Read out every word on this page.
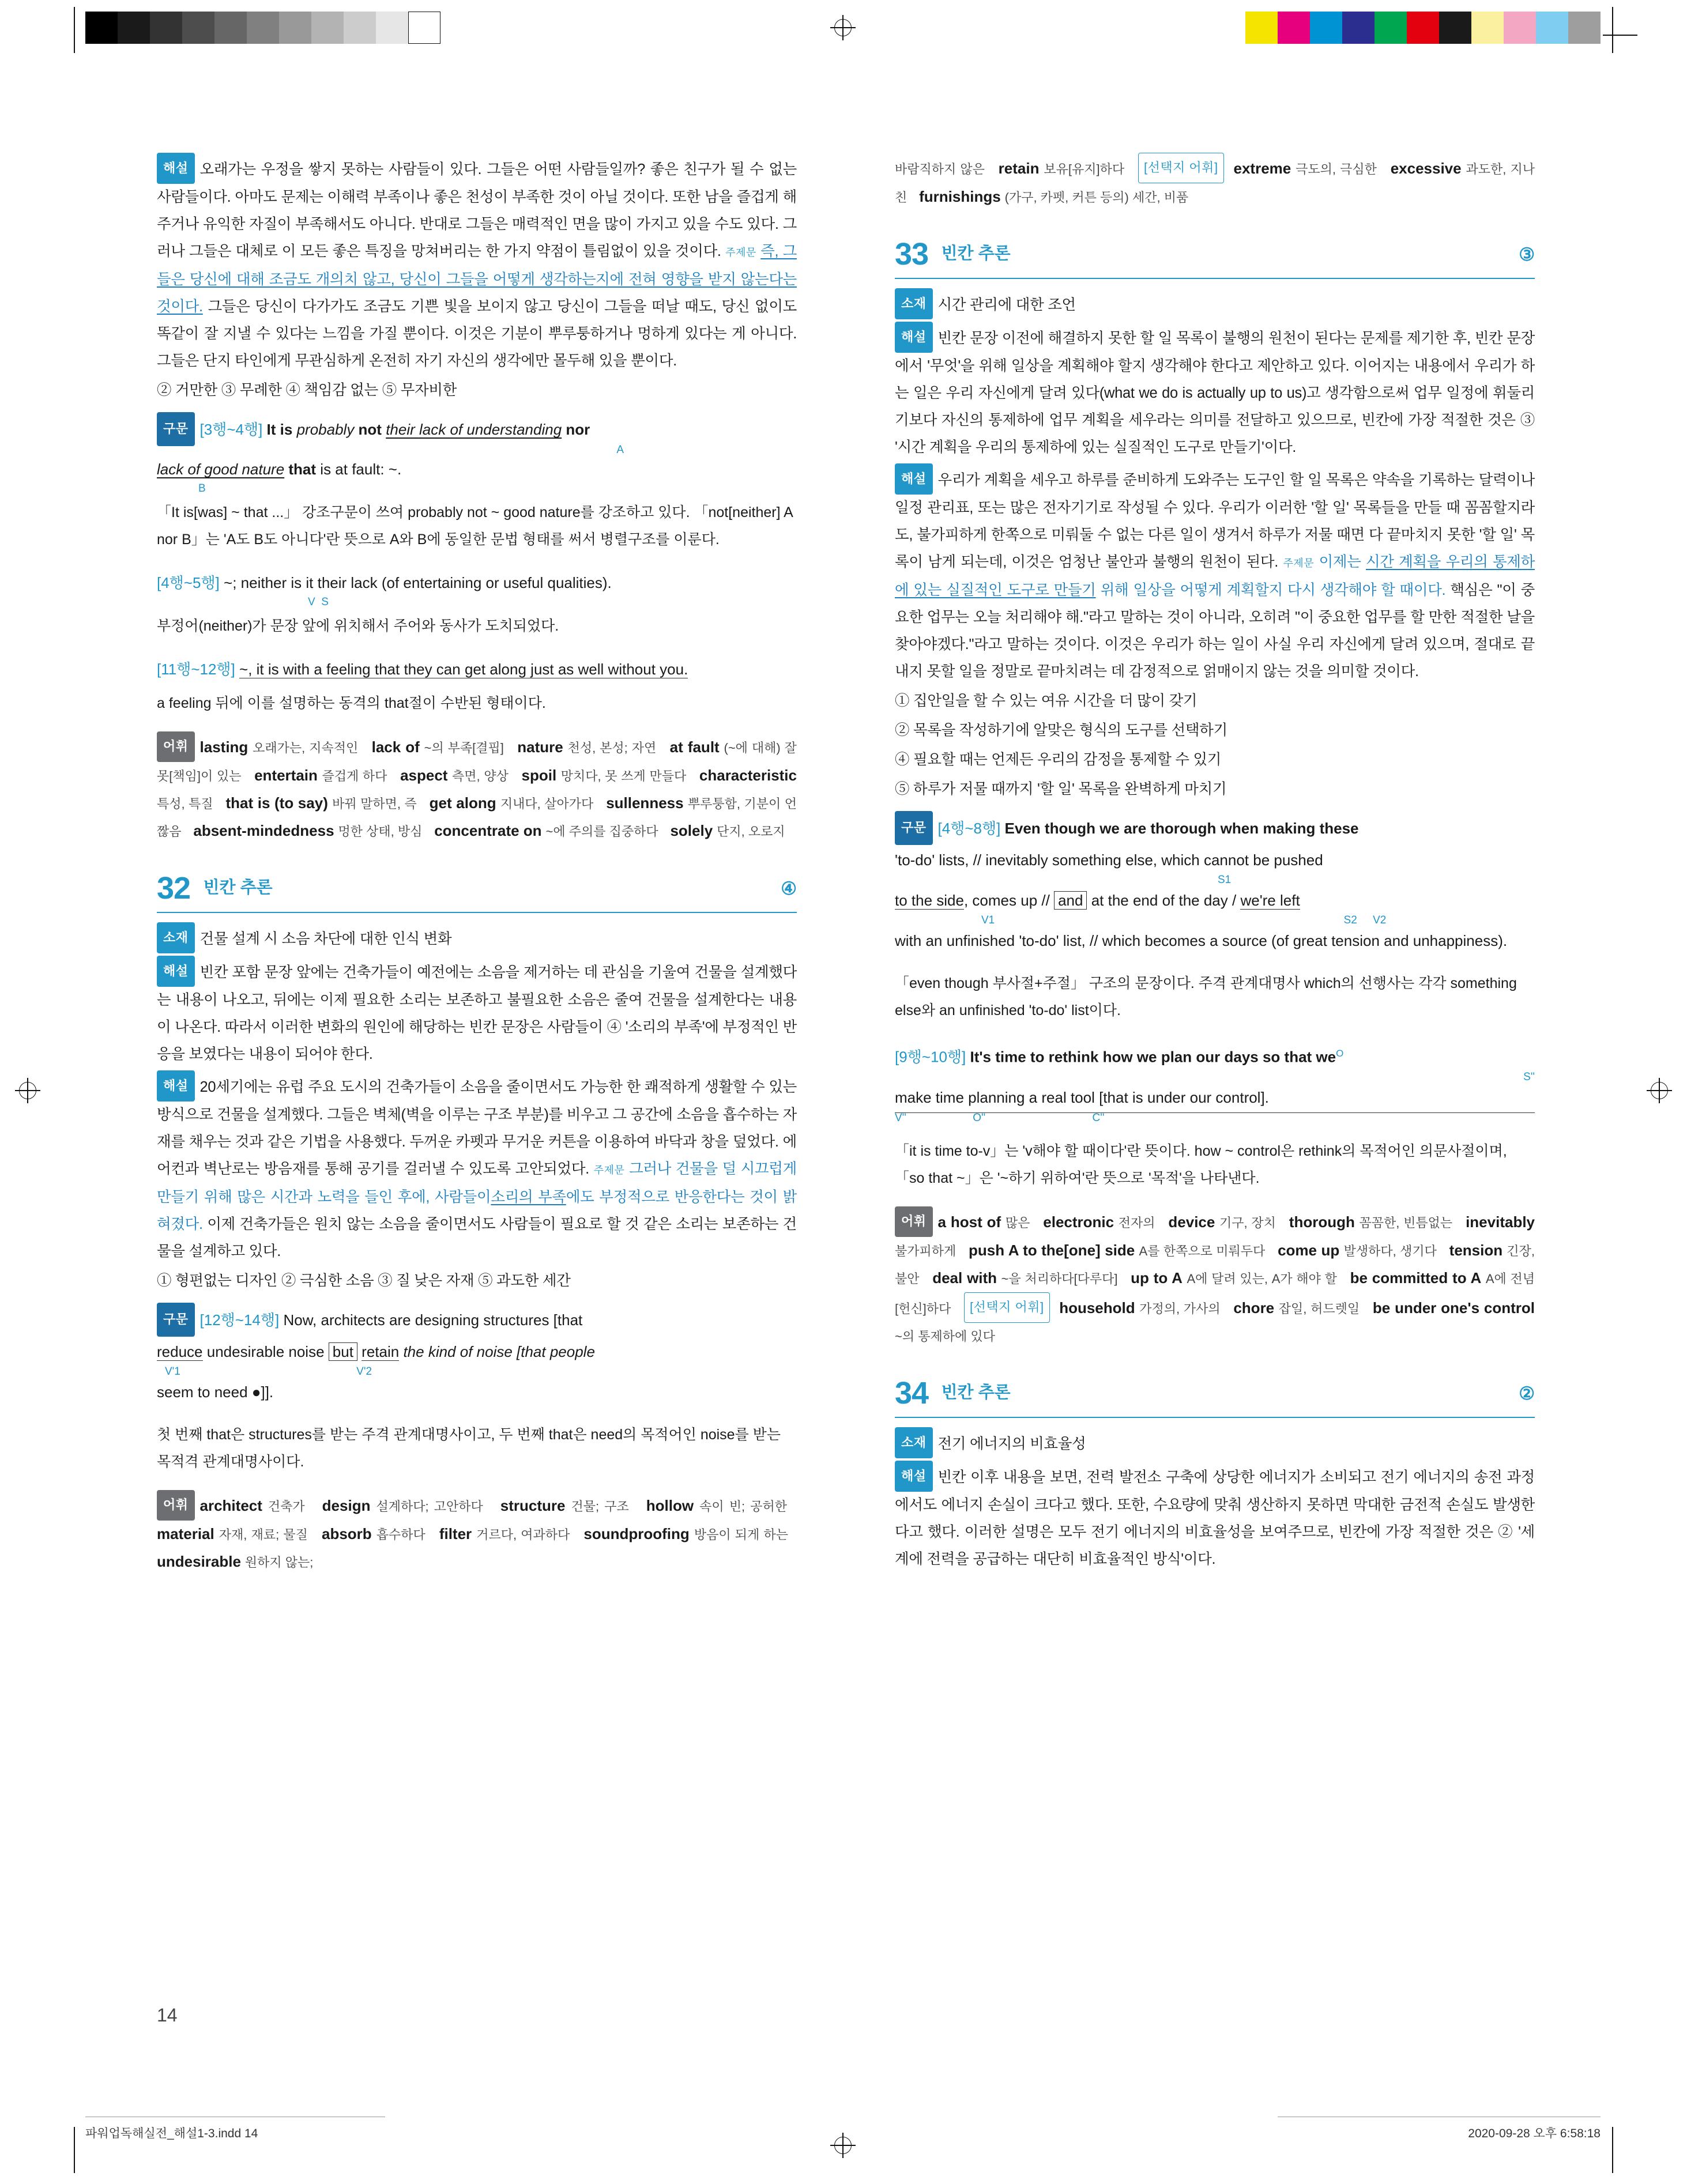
해설 오래가는 우정을 쌓지 못하는 사람들이 있다. 그들은 어떤 사람들일까? 좋은 친구가 될 수 없는 사람들이다. 아마도 문제는 이해력 부족이나 좋은 천성이 부족한 것이 아닐 것이다. 또한 남을 즐겁게 해주거나 유익한 자질이 부족해서도 아니다. 반대로 그들은 매력적인 면을 많이 가지고 있을 수도 있다. 그러나 그들은 대체로 이 모든 좋은 특징을 망쳐버리는 한 가지 약점이 틀림없이 있을 것이다. 주제문 즉, 그들은 당신에 대해 조금도 개의치 않고, 당신이 그들을 어떻게 생각하는지에 전혀 영향을 받지 않는다는 것이다. 그들은 당신이 다가가도 조금도 기쁜 빛을 보이지 않고 당신이 그들을 떠날 때도, 당신 없이도 똑같이 잘 지낼 수 있다는 느낌을 가질 뿐이다. 이것은 기분이 뿌루퉁하거나 멍하게 있다는 게 아니다. 그들은 단지 타인에게 무관심하게 온전히 자기 자신의 생각에만 몰두해 있을 뿐이다.

② 거만한 ③ 무례한 ④ 책임감 없는 ⑤ 무자비한

구문 [3행~4행] It is probably not their lack of understanding nor
A
lack of good nature that is at fault: ~.
B

「It is[was] ~ that ...」 강조구문이 쓰여 probably not ~ good nature를 강조하고 있다. 「not[neither] A nor B」는 'A도 B도 아니다'란 뜻으로 A와 B에 동일한 문법 형태를 써서 병렬구조를 이룬다.

[4행~5행] ~; neither is it their lack (of entertaining or useful qualities).
V S

부정어(neither)가 문장 앞에 위치해서 주어와 동사가 도치되었다.

[11행~12행] ~, it is with a feeling that they can get along just as well without you.

a feeling 뒤에 이를 설명하는 동격의 that절이 수반된 형태이다.

어휘 lasting 오래가는, 지속적인 lack of ~의 부족[결핍] nature 천성, 본성; 자연 at fault (~에 대해) 잘못[책임]이 있는 entertain 즐겁게 하다 aspect 측면, 양상 spoil 망치다, 못 쓰게 만들다 characteristic 특성, 특질 that is (to say) 바꿔 말하면, 즉 get along 지내다, 살아가다 sullenness 뿌루퉁함, 기분이 언짢음 absent-mindedness 멍한 상태, 방심 concentrate on ~에 주의를 집중하다 solely 단지, 오로지
32 빈칸 추론	④

소재 건물 설계 시 소음 차단에 대한 인식 변화

해설 빈칸 포함 문장 앞에는 건축가들이 예전에는 소음을 제거하는 데 관심을 기울여 건물을 설계했다는 내용이 나오고, 뒤에는 이제 필요한 소리는 보존하고 불필요한 소음은 줄여 건물을 설계한다는 내용이 나온다. 따라서 이러한 변화의 원인에 해당하는 빈칸 문장은 사람들이 ④ '소리의 부족'에 부정적인 반응을 보였다는 내용이 되어야 한다.

해설 20세기에는 유럽 주요 도시의 건축가들이 소음을 줄이면서도 가능한 한 쾌적하게 생활할 수 있는 방식으로 건물을 설계했다. 그들은 벽체(벽을 이루는 구조 부분)를 비우고 그 공간에 소음을 흡수하는 자재를 채우는 것과 같은 기법을 사용했다. 두꺼운 카펫과 무거운 커튼을 이용하여 바닥과 창을 덮었다. 에어컨과 벽난로는 방음재를 통해 공기를 걸러낼 수 있도록 고안되었다. 주제문 그러나 건물을 덜 시끄럽게 만들기 위해 많은 시간과 노력을 들인 후에, 사람들이소리의 부족에도 부정적으로 반응한다는 것이 밝혀졌다. 이제 건축가들은 원치 않는 소음을 줄이면서도 사람들이 필요로 할 것 같은 소리는 보존하는 건물을 설계하고 있다.

① 형편없는 디자인 ② 극심한 소음 ③ 질 낮은 자재 ⑤ 과도한 세간

구문 [12행~14행] Now, architects are designing structures [that
reduce undesirable noise but retain the kind of noise [that people
V'1	V'2
seem to need ●]].

첫 번째 that은 structures를 받는 주격 관계대명사이고, 두 번째 that은 need의 목적어인 noise를 받는 목적격 관계대명사이다.

어휘 architect 건축가 design 설계하다; 고안하다 structure 건물; 구조 hollow 속이 빈; 공허한   material 자재, 재료; 물질 absorb 흡수하다 filter 거르다, 여과하다 soundproofing 방음이 되게 하는   undesirable 원하지 않는;
바람직하지 않은 retain 보유[유지]하다 [선택지 어휘] extreme 극도의, 극심한 excessive 과도한, 지나친 furnishings (가구, 카펫, 커튼 등의) 세간, 비품
33 빈칸 추론	③

소재 시간 관리에 대한 조언

해설 빈칸 문장 이전에 해결하지 못한 할 일 목록이 불행의 원천이 된다는 문제를 제기한 후, 빈칸 문장에서 '무엇'을 위해 일상을 계획해야 할지 생각해야 한다고 제안하고 있다. 이어지는 내용에서 우리가 하는 일은 우리 자신에게 달려 있다(what we do is actually up to us)고 생각함으로써 업무 일정에 휘둘리기보다 자신의 통제하에 업무 계획을 세우라는 의미를 전달하고 있으므로, 빈칸에 가장 적절한 것은 ③ '시간 계획을 우리의 통제하에 있는 실질적인 도구로 만들기'이다.

해설 우리가 계획을 세우고 하루를 준비하게 도와주는 도구인 할 일 목록은 약속을 기록하는 달력이나 일정 관리표, 또는 많은 전자기기로 작성될 수 있다. 우리가 이러한 '할 일' 목록들을 만들 때 꼼꼼할지라도, 불가피하게 한쪽으로 미뤄둘 수 없는 다른 일이 생겨서 하루가 저물 때면 다 끝마치지 못한 '할 일' 목록이 남게 되는데, 이것은 엄청난 불안과 불행의 원천이 된다. 주제문 이제는 시간 계획을 우리의 통제하에 있는 실질적인 도구로 만들기 위해 일상을 어떻게 계획할지 다시 생각해야 할 때이다. 핵심은 "이 중요한 업무는 오늘 처리해야 해."라고 말하는 것이 아니라, 오히려 "이 중요한 업무를 할 만한 적절한 날을 찾아야겠다."라고 말하는 것이다. 이것은 우리가 하는 일이 사실 우리 자신에게 달려 있으며, 절대로 끝내지 못할 일을 정말로 끝마치려는 데 감정적으로 얽매이지 않는 것을 의미할 것이다.

① 집안일을 할 수 있는 여유 시간을 더 많이 갖기

② 목록을 작성하기에 알맞은 형식의 도구를 선택하기

④ 필요할 때는 언제든 우리의 감정을 통제할 수 있기

⑤ 하루가 저물 때까지 '할 일' 목록을 완벽하게 마치기

구문 [4행~8행] Even though we are thorough when making these
'to-do' lists, // inevitably something else, which cannot be pushed
S1
to the side, comes up // and at the end of the day / we're left
V1	S2 V2
with an unfinished 'to-do' list, // which becomes a source (of great tension and unhappiness).

「even though 부사절+주절」 구조의 문장이다. 주격 관계대명사 which의 선행사는 각각 something else와 an unfinished 'to-do' list이다.

[9행~10행] It's time to rethink how we plan our days so that $we^O$
S''
make time planning a real tool [that is under our control].
V''	O''	C''

「it is time to-v」는 'v해야 할 때이다'란 뜻이다. how ~ control은 rethink의 목적어인 의문사절이며, 「so that ~」은 '~하기 위하여'란 뜻으로 '목적'을 나타낸다.

어휘 a host of 많은 electronic 전자의 device 기구, 장치 thorough 꼼꼼한, 빈틈없는 inevitably 불가피하게 push A to the[one] side A를 한쪽으로 미뤄두다 come up 발생하다, 생기다 tension 긴장, 불안 deal with ~을 처리하다[다루다] up to A A에 달려 있는, A가 해야 할 be committed to A A에 전념[헌신]하다 [선택지 어휘] household 가정의, 가사의 chore 잡일, 허드렛일 be under one's control ~의 통제하에 있다
34 빈칸 추론	②

소재 전기 에너지의 비효율성

해설 빈칸 이후 내용을 보면, 전력 발전소 구축에 상당한 에너지가 소비되고 전기 에너지의 송전 과정에서도 에너지 손실이 크다고 했다. 또한, 수요량에 맞춰 생산하지 못하면 막대한 금전적 손실도 발생한다고 했다. 이러한 설명은 모두 전기 에너지의 비효율성을 보여주므로, 빈칸에 가장 적절한 것은 ② '세계에 전력을 공급하는 대단히 비효율적인 방식'이다.

14
파워업독해실전_해설1-3.indd 14	2020-09-28 오후 6:58:18
